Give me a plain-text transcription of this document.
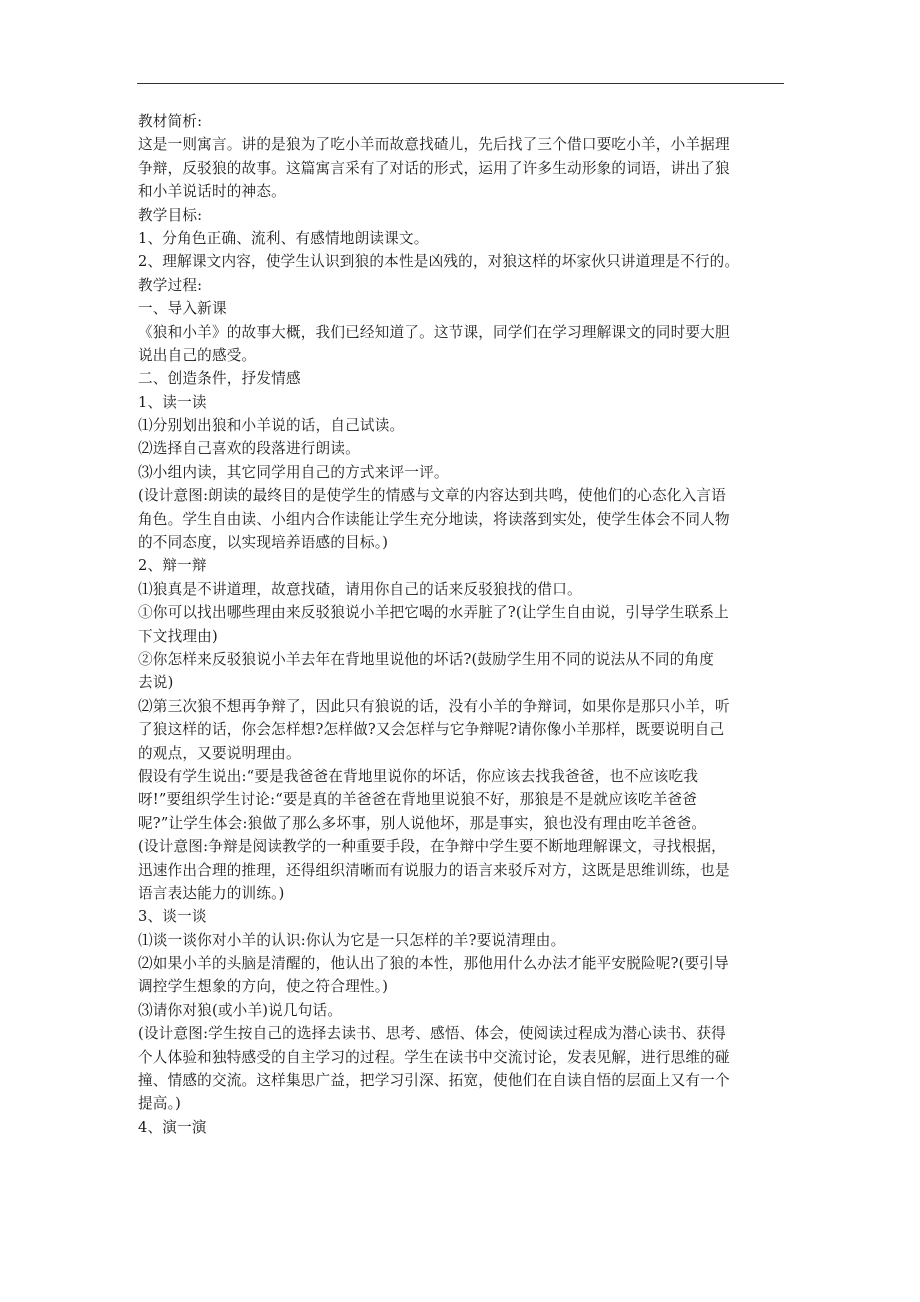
教材简析:
这是一则寓言。讲的是狼为了吃小羊而故意找碴儿，先后找了三个借口要吃小羊，小羊据理
争辩，反驳狼的故事。这篇寓言采有了对话的形式，运用了许多生动形象的词语，讲出了狼
和小羊说话时的神态。
教学目标:
1、分角色正确、流利、有感情地朗读课文。
2、理解课文内容，使学生认识到狼的本性是凶残的，对狼这样的坏家伙只讲道理是不行的。
教学过程:
一、导入新课
《狼和小羊》的故事大概，我们已经知道了。这节课，同学们在学习理解课文的同时要大胆
说出自己的感受。
二、创造条件，抒发情感
1、读一读
⑴分别划出狼和小羊说的话，自己试读。
⑵选择自己喜欢的段落进行朗读。
⑶小组内读，其它同学用自己的方式来评一评。
(设计意图:朗读的最终目的是使学生的情感与文章的内容达到共鸣，使他们的心态化入言语
角色。学生自由读、小组内合作读能让学生充分地读，将读落到实处，使学生体会不同人物
的不同态度，以实现培养语感的目标。)
2、辩一辩
⑴狼真是不讲道理，故意找碴，请用你自己的话来反驳狼找的借口。
①你可以找出哪些理由来反驳狼说小羊把它喝的水弄脏了?(让学生自由说，引导学生联系上
下文找理由)
②你怎样来反驳狼说小羊去年在背地里说他的坏话?(鼓励学生用不同的说法从不同的角度
去说)
⑵第三次狼不想再争辩了，因此只有狼说的话，没有小羊的争辩词，如果你是那只小羊，听
了狼这样的话，你会怎样想?怎样做?又会怎样与它争辩呢?请你像小羊那样，既要说明自己
的观点，又要说明理由。
假设有学生说出:“要是我爸爸在背地里说你的坏话，你应该去找我爸爸，也不应该吃我
呀!”要组织学生讨论:“要是真的羊爸爸在背地里说狼不好，那狼是不是就应该吃羊爸爸
呢?”让学生体会:狼做了那么多坏事，别人说他坏，那是事实，狼也没有理由吃羊爸爸。
(设计意图:争辩是阅读教学的一种重要手段，在争辩中学生要不断地理解课文，寻找根据，
迅速作出合理的推理，还得组织清晰而有说服力的语言来驳斥对方，这既是思维训练，也是
语言表达能力的训练。)
3、谈一谈
⑴谈一谈你对小羊的认识:你认为它是一只怎样的羊?要说清理由。
⑵如果小羊的头脑是清醒的，他认出了狼的本性，那他用什么办法才能平安脱险呢?(要引导
调控学生想象的方向，使之符合理性。)
⑶请你对狼(或小羊)说几句话。
(设计意图:学生按自己的选择去读书、思考、感悟、体会，使阅读过程成为潜心读书、获得
个人体验和独特感受的自主学习的过程。学生在读书中交流讨论，发表见解，进行思维的碰
撞、情感的交流。这样集思广益，把学习引深、拓宽，使他们在自读自悟的层面上又有一个
提高。)
4、演一演
